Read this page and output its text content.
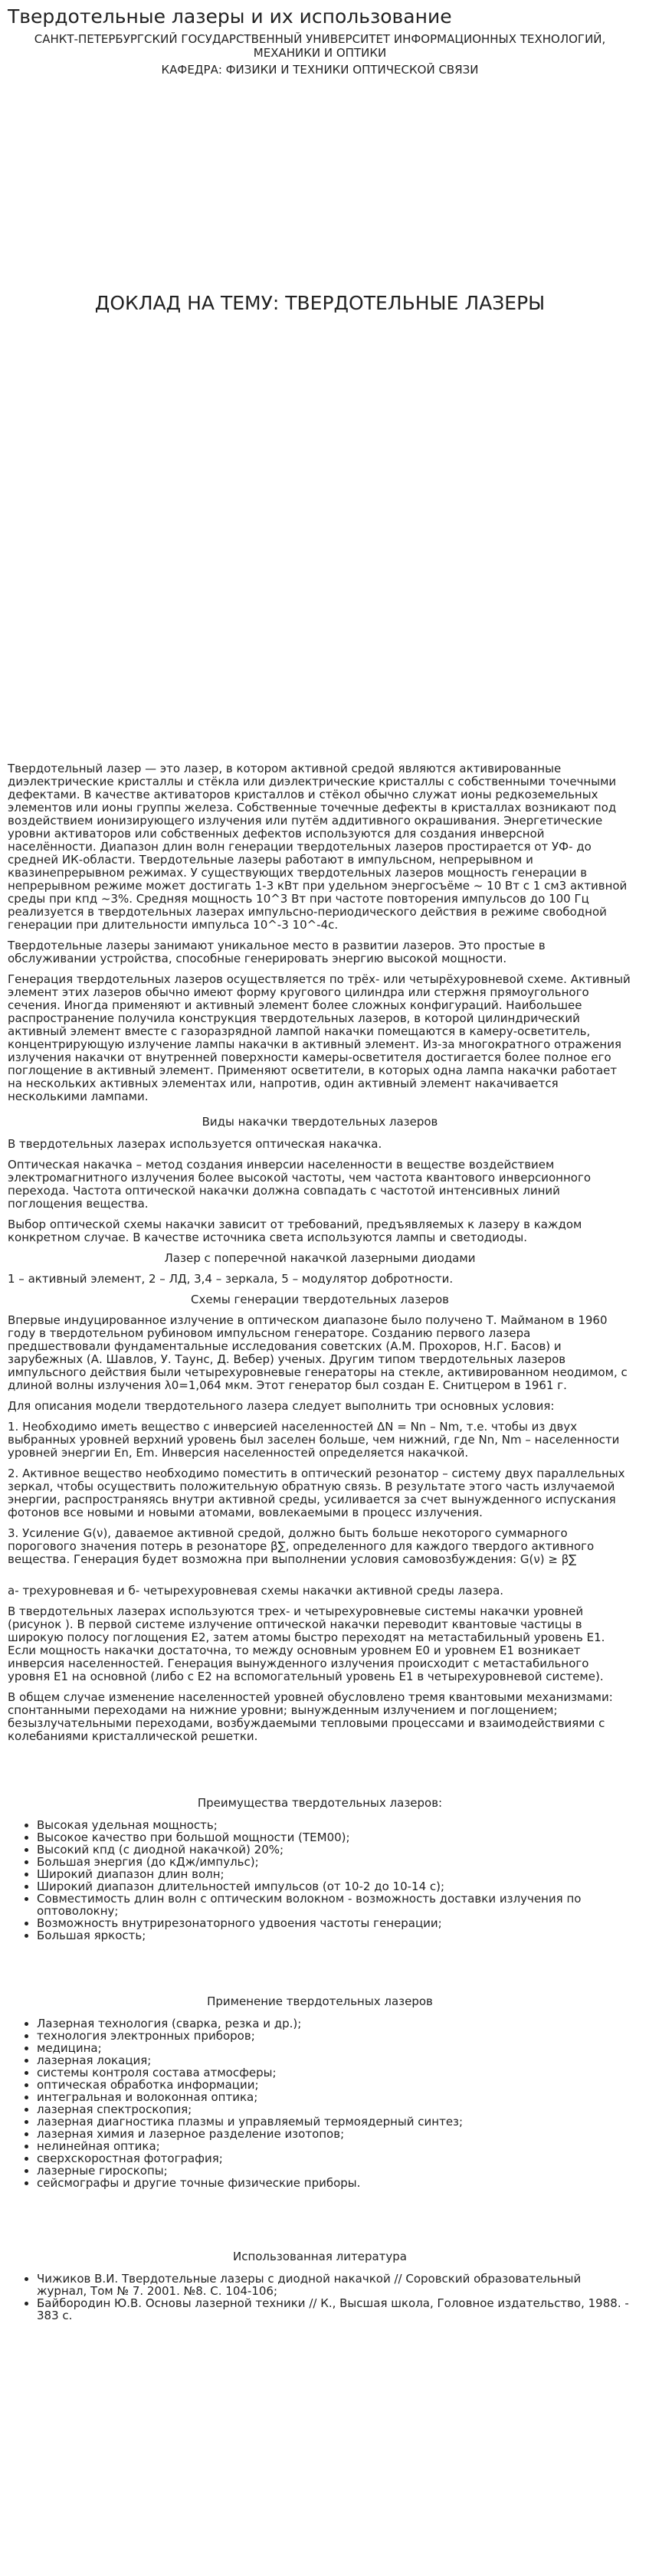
Твердотельные лазеры и их использование
САНКТ-ПЕТЕРБУРГСКИЙ ГОСУДАРСТВЕННЫЙ УНИВЕРСИТЕТ ИНФОРМАЦИОННЫХ ТЕХНОЛОГИЙ,
МЕХАНИКИ И ОПТИКИ
КАФЕДРА: ФИЗИКИ И ТЕХНИКИ ОПТИЧЕСКОЙ СВЯЗИ
ДОКЛАД НА ТЕМУ: ТВЕРДОТЕЛЬНЫЕ ЛАЗЕРЫ

Твердотельный лазер — это лазер, в котором активной средой являются активированные диэлектрические кристаллы и стёкла или диэлектрические кристаллы с собственными точечными дефектами. В качестве активаторов кристаллов и стёкол обычно служат ионы редкоземельных элементов или ионы группы железа. Собственные точечные дефекты в кристаллах возникают под воздействием ионизирующего излучения или путём аддитивного окрашивания. Энергетические уровни активаторов или собственных дефектов используются для создания инверсной населённости. Диапазон длин волн генерации твердотельных лазеров простирается от УФ- до средней ИК-области. Твердотельные лазеры работают в импульсном, непрерывном и квазинепрерывном режимах. У существующих твердотельных лазеров мощность генерации в непрерывном режиме может достигать 1-3 кВт при удельном энергосъёме ~ 10 Вт с 1 см3 активной среды при кпд ~3%. Средняя мощность 10^3 Вт при частоте повторения импульсов до 100 Гц реализуется в твердотельных лазерах импульсно-периодического действия в режиме свободной генерации при длительности импульса 10^-3 10^-4с.

Твердотельные лазеры занимают уникальное место в развитии лазеров. Это простые в обслуживании устройства, способные генерировать энергию высокой мощности.

Генерация твердотельных лазеров осуществляется по трёх- или четырёхуровневой схеме. Активный элемент этих лазеров обычно имеют форму кругового цилиндра или стержня прямоугольного сечения. Иногда применяют и активный элемент более сложных конфигураций. Наибольшее распространение получила конструкция твердотельных лазеров, в которой цилиндрический активный элемент вместе с газоразрядной лампой накачки помещаются в камеру-осветитель, концентрирующую излучение лампы накачки в активный элемент. Из-за многократного отражения излучения накачки от внутренней поверхности камеры-осветителя достигается более полное его поглощение в активный элемент. Применяют осветители, в которых одна лампа накачки работает на нескольких активных элементах или, напротив, один активный элемент накачивается несколькими лампами.

Виды накачки твердотельных лазеров

В твердотельных лазерах используется оптическая накачка.

Оптическая накачка – метод создания инверсии населенности в веществе воздействием электромагнитного излучения более высокой частоты, чем частота квантового инверсионного перехода. Частота оптической накачки должна совпадать с частотой интенсивных линий поглощения вещества.

Выбор оптической схемы накачки зависит от требований, предъявляемых к лазеру в каждом конкретном случае. В качестве источника света используются лампы и светодиоды.

Лазер с поперечной накачкой лазерными диодами

1 – активный элемент, 2 – ЛД, 3,4 – зеркала, 5 – модулятор добротности.

Схемы генерации твердотельных лазеров

Впервые индуцированное излучение в оптическом диапазоне было получено Т. Майманом в 1960 году в твердотельном рубиновом импульсном генераторе. Созданию первого лазера предшествовали фундаментальные исследования советских (А.М. Прохоров, Н.Г. Басов) и зарубежных (А. Шавлов, У. Таунс, Д. Вебер) ученых. Другим типом твердотельных лазеров импульсного действия были четырехуровневые генераторы на стекле, активированном неодимом, с длиной волны излучения λ0=1,064 мкм. Этот генератор был создан Е. Снитцером в 1961 г.

Для описания модели твердотельного лазера следует выполнить три основных условия:

1. Необходимо иметь вещество с инверсией населенностей ΔN = Nn – Nm, т.е. чтобы из двух выбранных уровней верхний уровень был заселен больше, чем нижний, где Nn, Nm – населенности уровней энергии En, Em. Инверсия населенностей определяется накачкой.

2. Активное вещество необходимо поместить в оптический резонатор – систему двух параллельных зеркал, чтобы осуществить положительную обратную связь. В результате этого часть излучаемой энергии, распространяясь внутри активной среды, усиливается за счет вынужденного испускания фотонов все новыми и новыми атомами, вовлекаемыми в процесс излучения.

3. Усиление G(ν), даваемое активной средой, должно быть больше некоторого суммарного порогового значения потерь в резонаторе β∑, определенного для каждого твердого активного вещества. Генерация будет возможна при выполнении условия самовозбуждения: G(ν) ≥ β∑

а- трехуровневая и б- четырехуровневая схемы накачки активной среды лазера.

В твердотельных лазерах используются трех- и четырехуровневые системы накачки уровней (рисунок ). В первой системе излучение оптической накачки переводит квантовые частицы в широкую полосу поглощения E2, затем атомы быстро переходят на метастабильный уровень E1. Если мощность накачки достаточна, то между основным уровнем E0 и уровнем E1 возникает инверсия населенностей. Генерация вынужденного излучения происходит с метастабильного уровня E1 на основной (либо с E2 на вспомогательный уровень E1 в четырехуровневой системе).

В общем случае изменение населенностей уровней обусловлено тремя квантовыми механизмами: спонтанными переходами на нижние уровни; вынужденным излучением и поглощением; безызлучательными переходами, возбуждаемыми тепловыми процессами и взаимодействиями с колебаниями кристаллической решетки.

Преимущества твердотельных лазеров:

• Высокая удельная мощность;
• Высокое качество при большой мощности (TEM00);
• Высокий кпд (с диодной накачкой) 20%;
• Большая энергия (до кДж/импульс);
• Широкий диапазон длин волн;
• Широкий диапазон длительностей импульсов (от 10-2 до 10-14 с);
• Совместимость длин волн с оптическим волокном - возможность доставки излучения по оптоволокну;
• Возможность внутрирезонаторного удвоения частоты генерации;
• Большая яркость;

Применение твердотельных лазеров

• Лазерная технология (сварка, резка и др.);
• технология электронных приборов;
• медицина;
• лазерная локация;
• системы контроля состава атмосферы;
• оптическая обработка информации;
• интегральная и волоконная оптика;
• лазерная спектроскопия;
• лазерная диагностика плазмы и управляемый термоядерный синтез;
• лазерная химия и лазерное разделение изотопов;
• нелинейная оптика;
• сверхскоростная фотография;
• лазерные гироскопы;
• сейсмографы и другие точные физические приборы.

Использованная литература

• Чижиков В.И. Твердотельные лазеры с диодной накачкой // Соровский образовательный журнал, Том № 7. 2001. №8. С. 104-106;
• Байбородин Ю.В. Основы лазерной техники // К., Высшая школа, Головное издательство, 1988. - 383 с.
